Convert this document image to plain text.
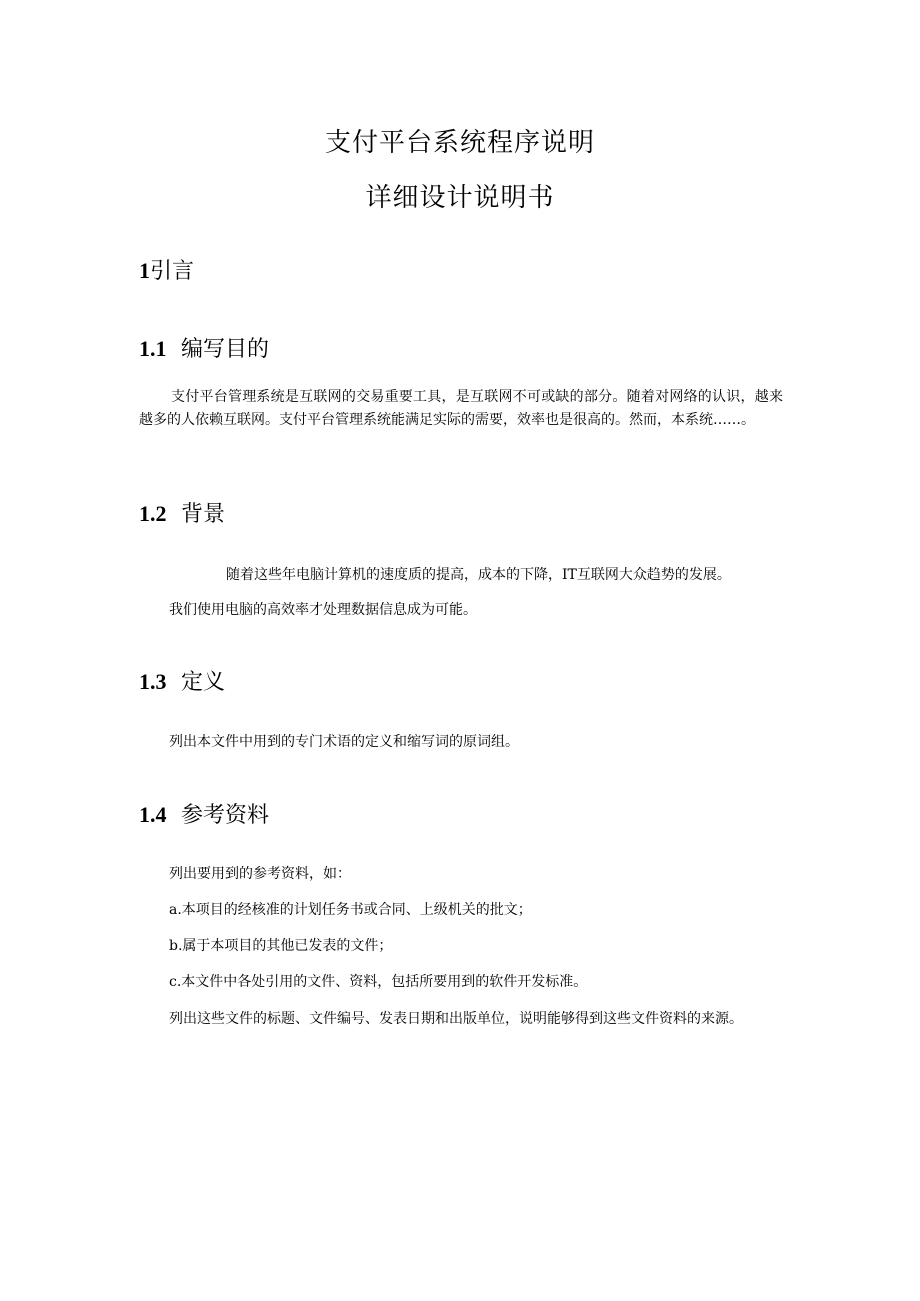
支付平台系统程序说明
详细设计说明书
1引言
1.1 编写目的

支付平台管理系统是互联网的交易重要工具，是互联网不可或缺的部分。随着对网络的认识，越来越多的人依赖互联网。支付平台管理系统能满足实际的需要，效率也是很高的。然而，本系统……。

1.2 背景

随着这些年电脑计算机的速度质的提高，成本的下降，IT互联网大众趋势的发展。

我们使用电脑的高效率才处理数据信息成为可能。

1.3 定义

列出本文件中用到的专门术语的定义和缩写词的原词组。

1.4 参考资料

列出要用到的参考资料，如：

a.本项目的经核准的计划任务书或合同、上级机关的批文；

b.属于本项目的其他已发表的文件；

c.本文件中各处引用的文件、资料，包括所要用到的软件开发标准。

列出这些文件的标题、文件编号、发表日期和出版单位，说明能够得到这些文件资料的来源。
